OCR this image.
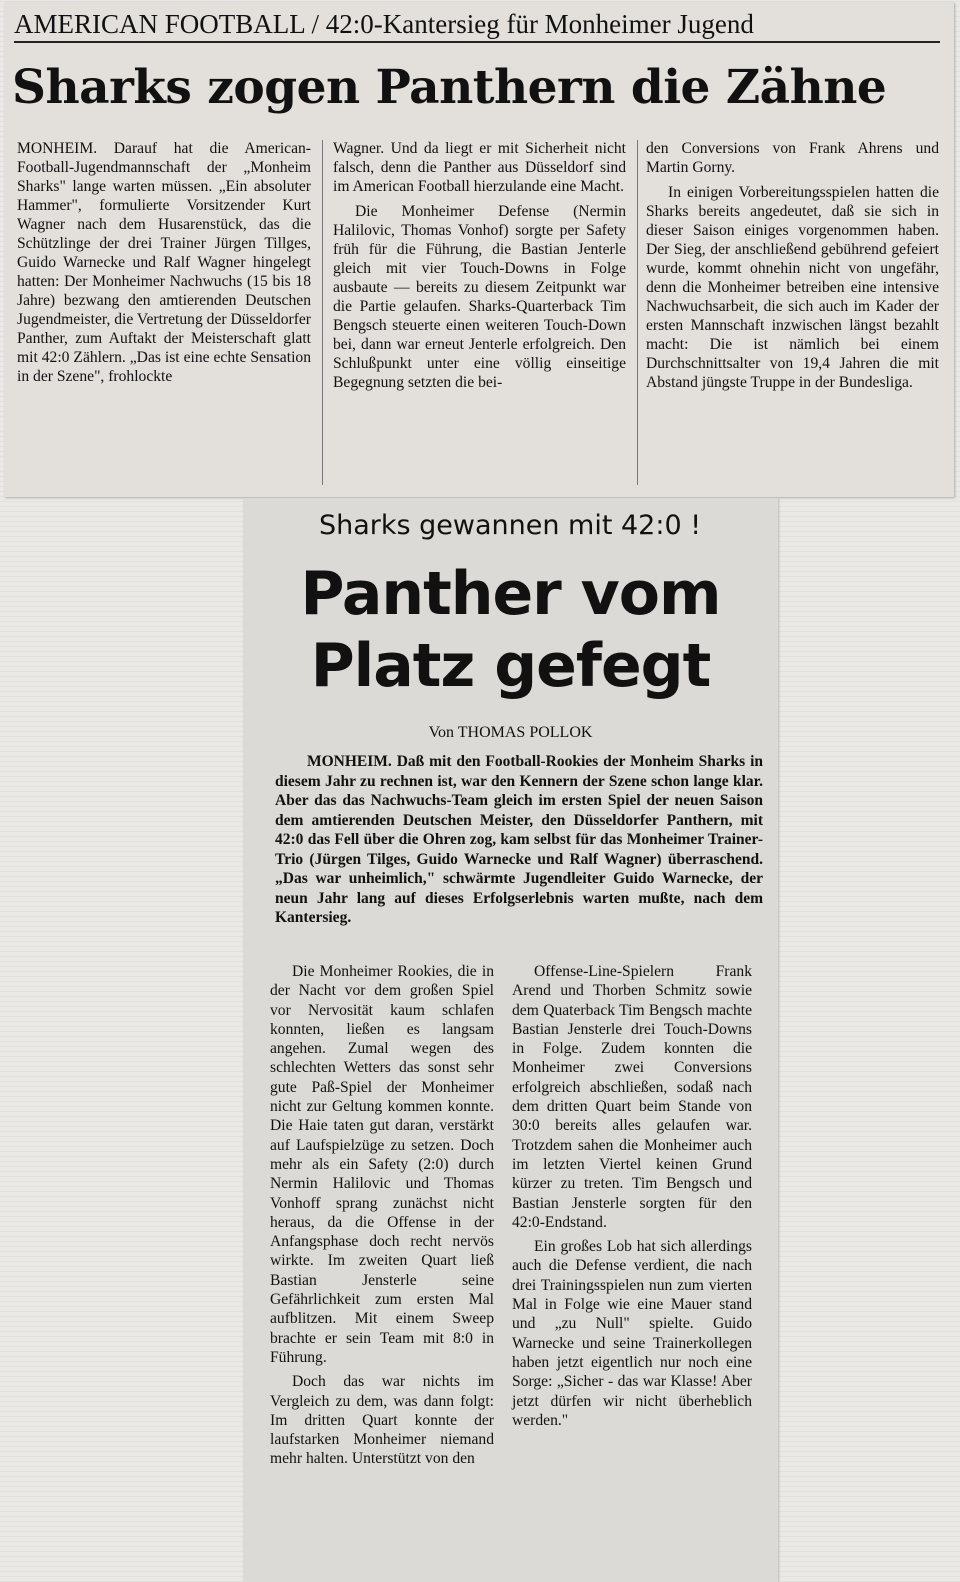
AMERICAN FOOTBALL / 42:0-Kantersieg für Monheimer Jugend
Sharks zogen Panthern die Zähne

MONHEIM. Darauf hat die American-Football-Jugendmannschaft der „Monheim Sharks" lange warten müssen. „Ein absoluter Hammer", formulierte Vorsitzender Kurt Wagner nach dem Husarenstück, das die Schützlinge der drei Trainer Jürgen Tillges, Guido Warnecke und Ralf Wagner hingelegt hatten: Der Monheimer Nachwuchs (15 bis 18 Jahre) bezwang den amtierenden Deutschen Jugendmeister, die Vertretung der Düsseldorfer Panther, zum Auftakt der Meisterschaft glatt mit 42:0 Zählern. „Das ist eine echte Sensation in der Szene", frohlockte

Wagner. Und da liegt er mit Sicherheit nicht falsch, denn die Panther aus Düsseldorf sind im American Football hierzulande eine Macht.

Die Monheimer Defense (Nermin Halilovic, Thomas Vonhof) sorgte per Safety früh für die Führung, die Bastian Jenterle gleich mit vier Touch-Downs in Folge ausbaute — bereits zu diesem Zeitpunkt war die Partie gelaufen. Sharks-Quarterback Tim Bengsch steuerte einen weiteren Touch-Down bei, dann war erneut Jenterle erfolgreich. Den Schlußpunkt unter eine völlig einseitige Begegnung setzten die bei-

den Conversions von Frank Ahrens und Martin Gorny.

In einigen Vorbereitungsspielen hatten die Sharks bereits angedeutet, daß sie sich in dieser Saison einiges vorgenommen haben. Der Sieg, der anschließend gebührend gefeiert wurde, kommt ohnehin nicht von ungefähr, denn die Monheimer betreiben eine intensive Nachwuchsarbeit, die sich auch im Kader der ersten Mannschaft inzwischen längst bezahlt macht: Die ist nämlich bei einem Durchschnittsalter von 19,4 Jahren die mit Abstand jüngste Truppe in der Bundesliga.

Sharks gewannen mit 42:0 !
Panther vom
Platz gefegt
Von THOMAS POLLOK

MONHEIM. Daß mit den Football-Rookies der Monheim Sharks in diesem Jahr zu rechnen ist, war den Kennern der Szene schon lange klar. Aber das das Nachwuchs-Team gleich im ersten Spiel der neuen Saison dem amtierenden Deutschen Meister, den Düsseldorfer Panthern, mit 42:0 das Fell über die Ohren zog, kam selbst für das Monheimer Trainer-Trio (Jürgen Tilges, Guido Warnecke und Ralf Wagner) überraschend. „Das war unheimlich," schwärmte Jugendleiter Guido Warnecke, der neun Jahr lang auf dieses Erfolgserlebnis warten mußte, nach dem Kantersieg.

Die Monheimer Rookies, die in der Nacht vor dem großen Spiel vor Nervosität kaum schlafen konnten, ließen es langsam angehen. Zumal wegen des schlechten Wetters das sonst sehr gute Paß-Spiel der Monheimer nicht zur Geltung kommen konnte. Die Haie taten gut daran, verstärkt auf Laufspielzüge zu setzen. Doch mehr als ein Safety (2:0) durch Nermin Halilovic und Thomas Vonhoff sprang zunächst nicht heraus, da die Offense in der Anfangsphase doch recht nervös wirkte. Im zweiten Quart ließ Bastian Jensterle seine Gefährlichkeit zum ersten Mal aufblitzen. Mit einem Sweep brachte er sein Team mit 8:0 in Führung.

Doch das war nichts im Vergleich zu dem, was dann folgt: Im dritten Quart konnte der laufstarken Monheimer niemand mehr halten. Unterstützt von den

Offense-Line-Spielern Frank Arend und Thorben Schmitz sowie dem Quaterback Tim Bengsch machte Bastian Jensterle drei Touch-Downs in Folge. Zudem konnten die Monheimer zwei Conversions erfolgreich abschließen, sodaß nach dem dritten Quart beim Stande von 30:0 bereits alles gelaufen war. Trotzdem sahen die Monheimer auch im letzten Viertel keinen Grund kürzer zu treten. Tim Bengsch und Bastian Jensterle sorgten für den 42:0-Endstand.

Ein großes Lob hat sich allerdings auch die Defense verdient, die nach drei Trainingsspielen nun zum vierten Mal in Folge wie eine Mauer stand und „zu Null" spielte. Guido Warnecke und seine Trainerkollegen haben jetzt eigentlich nur noch eine Sorge: „Sicher - das war Klasse! Aber jetzt dürfen wir nicht überheblich werden."
